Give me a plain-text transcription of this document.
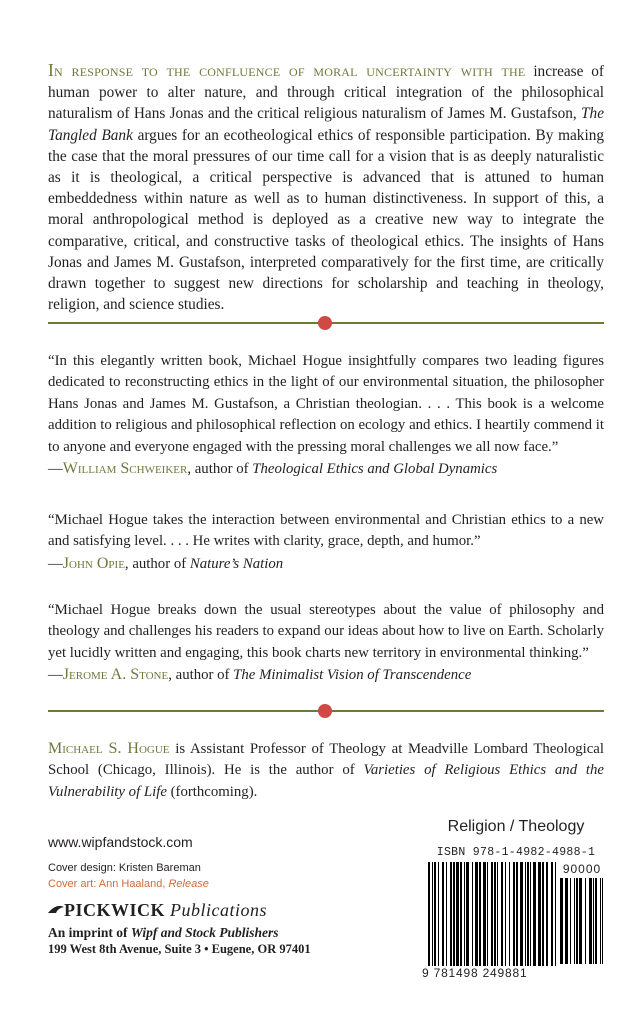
In response to the confluence of moral uncertainty with the increase of human power to alter nature, and through critical integration of the philosophical naturalism of Hans Jonas and the critical religious naturalism of James M. Gustafson, The Tangled Bank argues for an ecotheological ethics of responsible participation. By making the case that the moral pressures of our time call for a vision that is as deeply naturalistic as it is theological, a critical perspective is advanced that is attuned to human embeddedness within nature as well as to human distinctiveness. In support of this, a moral anthropological method is deployed as a creative new way to integrate the comparative, critical, and constructive tasks of theological ethics. The insights of Hans Jonas and James M. Gustafson, interpreted comparatively for the first time, are critically drawn together to suggest new directions for scholarship and teaching in theology, religion, and science studies.
“In this elegantly written book, Michael Hogue insightfully compares two leading figures dedicated to reconstructing ethics in the light of our environmental situation, the philosopher Hans Jonas and James M. Gustafson, a Christian theologian. . . . This book is a welcome addition to religious and philosophical reflection on ecology and ethics. I heartily commend it to anyone and everyone engaged with the pressing moral challenges we all now face.”
—William Schweiker, author of Theological Ethics and Global Dynamics
“Michael Hogue takes the interaction between environmental and Christian ethics to a new and satisfying level. . . . He writes with clarity, grace, depth, and humor.”
—John Opie, author of Nature’s Nation
“Michael Hogue breaks down the usual stereotypes about the value of philosophy and theology and challenges his readers to expand our ideas about how to live on Earth. Scholarly yet lucidly written and engaging, this book charts new territory in environmental thinking.”
—Jerome A. Stone, author of The Minimalist Vision of Transcendence
Michael S. Hogue is Assistant Professor of Theology at Meadville Lombard Theological School (Chicago, Illinois). He is the author of Varieties of Religious Ethics and the Vulnerability of Life (forthcoming).
www.wipfandstock.com
Cover design: Kristen Bareman
Cover art: Ann Haaland, Release
PICKWICK Publications
An imprint of Wipf and Stock Publishers
199 West 8th Avenue, Suite 3 • Eugene, OR 97401
Religion / Theology
ISBN 978-1-4982-4988-1
90000
9 781498 249881
